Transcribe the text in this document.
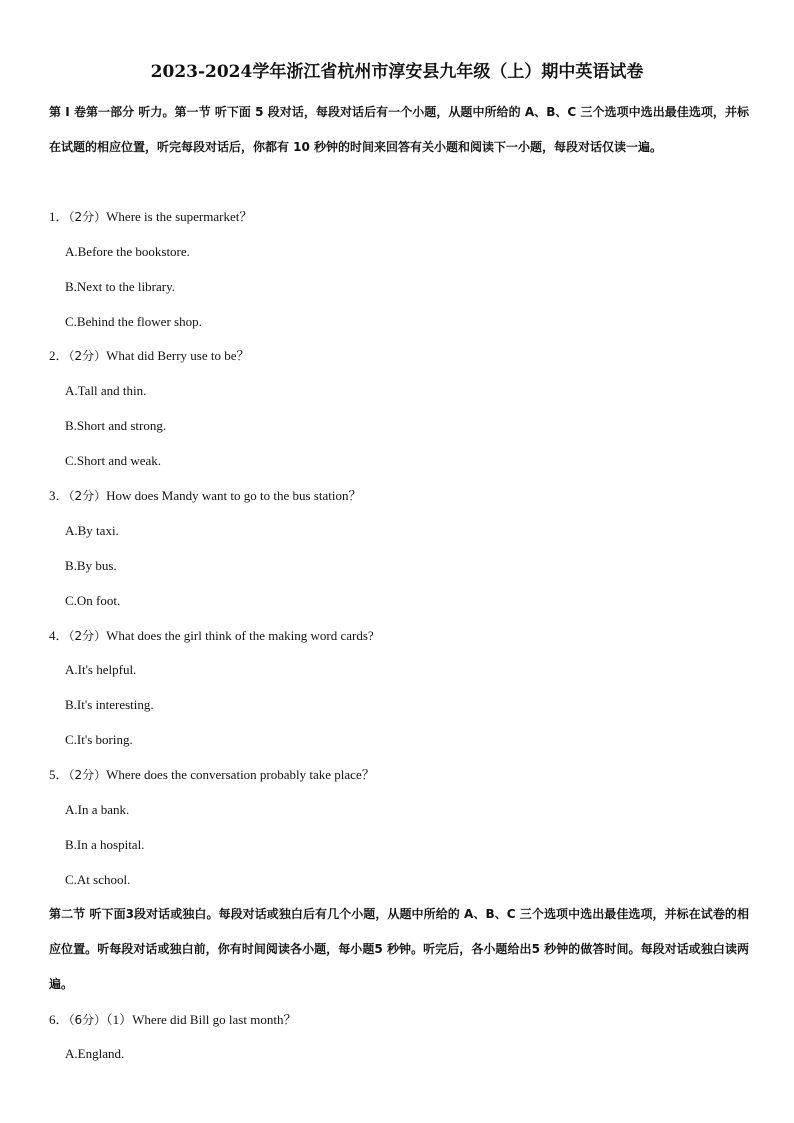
2023-2024学年浙江省杭州市淳安县九年级（上）期中英语试卷
第 I 卷第一部分 听力。第一节 听下面 5 段对话，每段对话后有一个小题，从题中所给的 A、B、C 三个选项中选出最佳选项，并标在试题的相应位置，听完每段对话后，你都有 10 秒钟的时间来回答有关小题和阅读下一小题，每段对话仅读一遍。
1．（2分）Where is the supermarket？
A.Before the bookstore.
B.Next to the library.
C.Behind the flower shop.
2．（2分）What did Berry use to be？
A.Tall and thin.
B.Short and strong.
C.Short and weak.
3．（2分）How does Mandy want to go to the bus station？
A.By taxi.
B.By bus.
C.On foot.
4．（2分）What does the girl think of the making word cards?
A.It's helpful.
B.It's interesting.
C.It's boring.
5．（2分）Where does the conversation probably take place？
A.In a bank.
B.In a hospital.
C.At school.
第二节 听下面3段对话或独白。每段对话或独白后有几个小题，从题中所给的 A、B、C 三个选项中选出最佳选项，并标在试卷的相应位置。听每段对话或独白前，你有时间阅读各小题，每小题5 秒钟。听完后，各小题给出5 秒钟的做答时间。每段对话或独白读两遍。
6．（6分）（1）Where did Bill go last month？
A.England.
